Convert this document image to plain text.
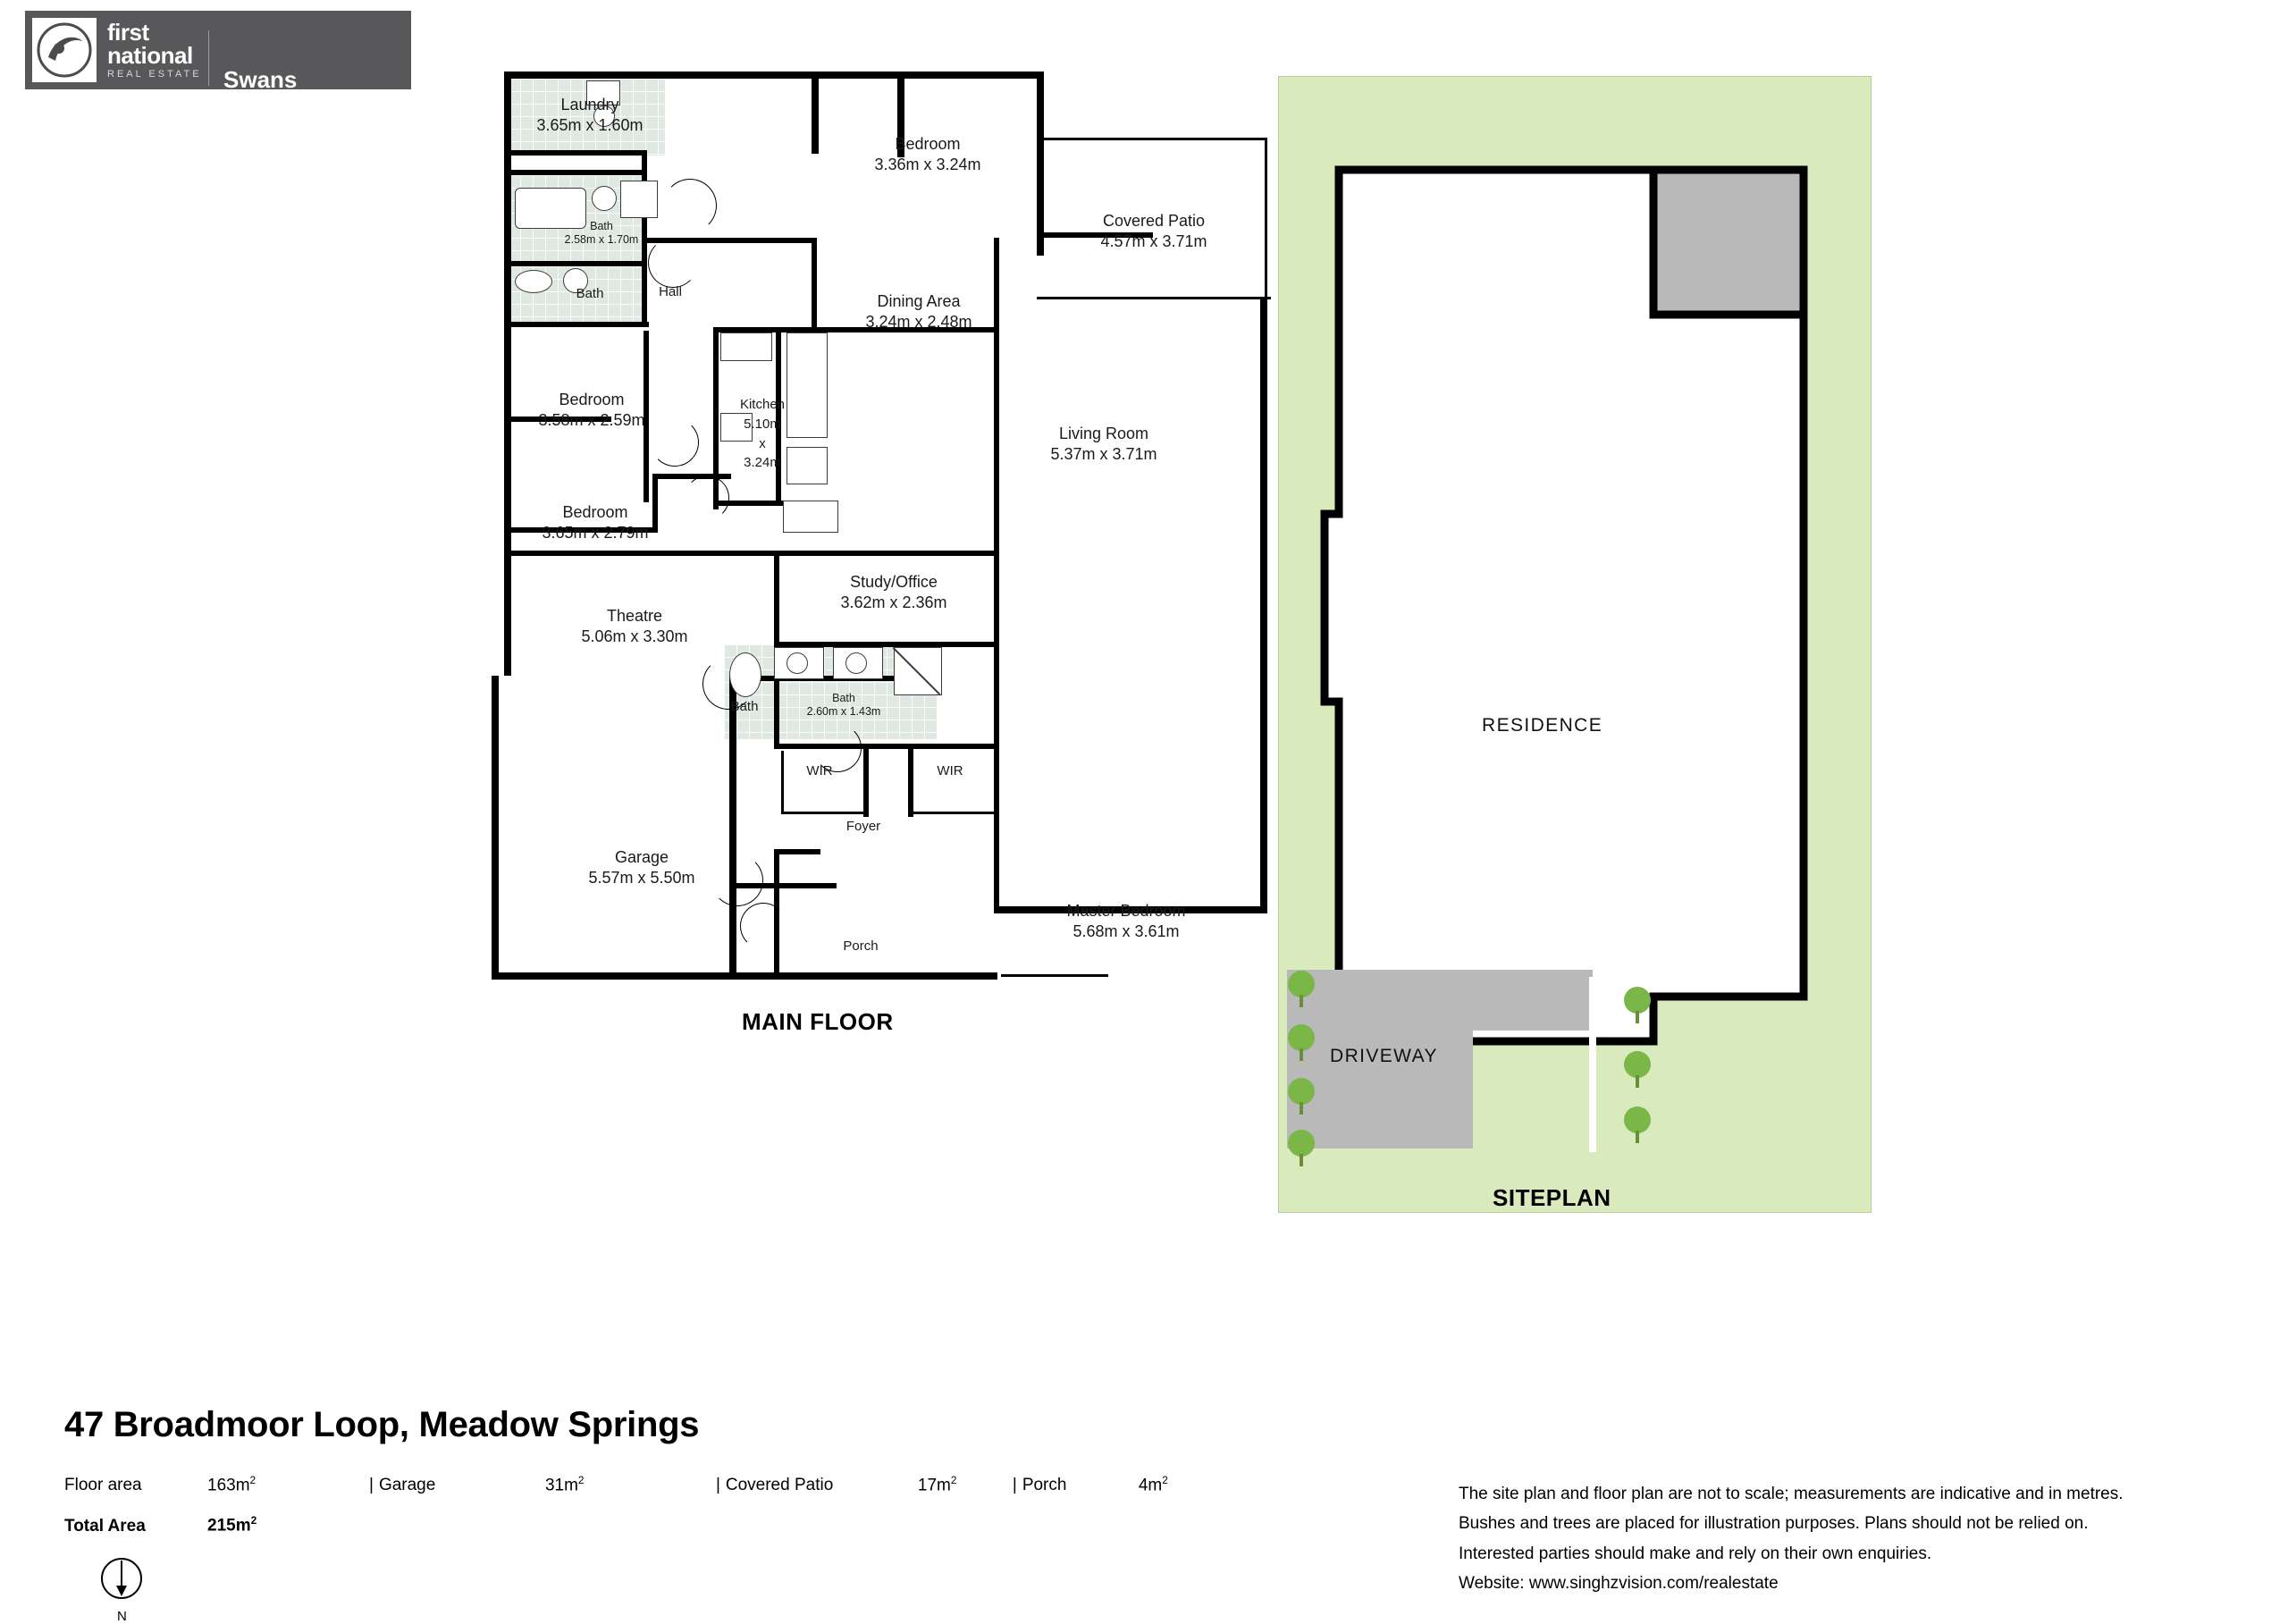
first
national
REAL ESTATE Swans Residential	Laundry
3.65m x 1.60m
Bedroom
3.36m x 3.24m
Covered Patio
4.57m x 3.71m
Bath
2.58m x 1.70m
Bath	Hall
Dining Area
3.24m x 2.48m
Bedroom
3.58m x 2.59m
Kitchen
5.10m
x
3.24m
Living Room
5.37m x 3.71m
Bedroom
3.65m x 2.79m
Study/Office
3.62m x 2.36m
Theatre
5.06m x 3.30m
Bath
Bath
2.60m x 1.43m
WIR	WIR
Foyer
Garage
5.57m x 5.50m
Master Bedroom
5.68m x 3.61m
Porch
MAIN FLOOR
RESIDENCE
DRIVEWAY
SITEPLAN
47 Broadmoor Loop, Meadow Springs
Floor area	$163m^2$	| Garage	$31m^2$	| Covered Patio	$17m^2$	| Porch	$4m^2$
Total Area	$215m^2$
N
The site plan and floor plan are not to scale; measurements are indicative and in metres.
Bushes and trees are placed for illustration purposes. Plans should not be relied on.
Interested parties should make and rely on their own enquiries.
Website: www.singhzvision.com/realestate
